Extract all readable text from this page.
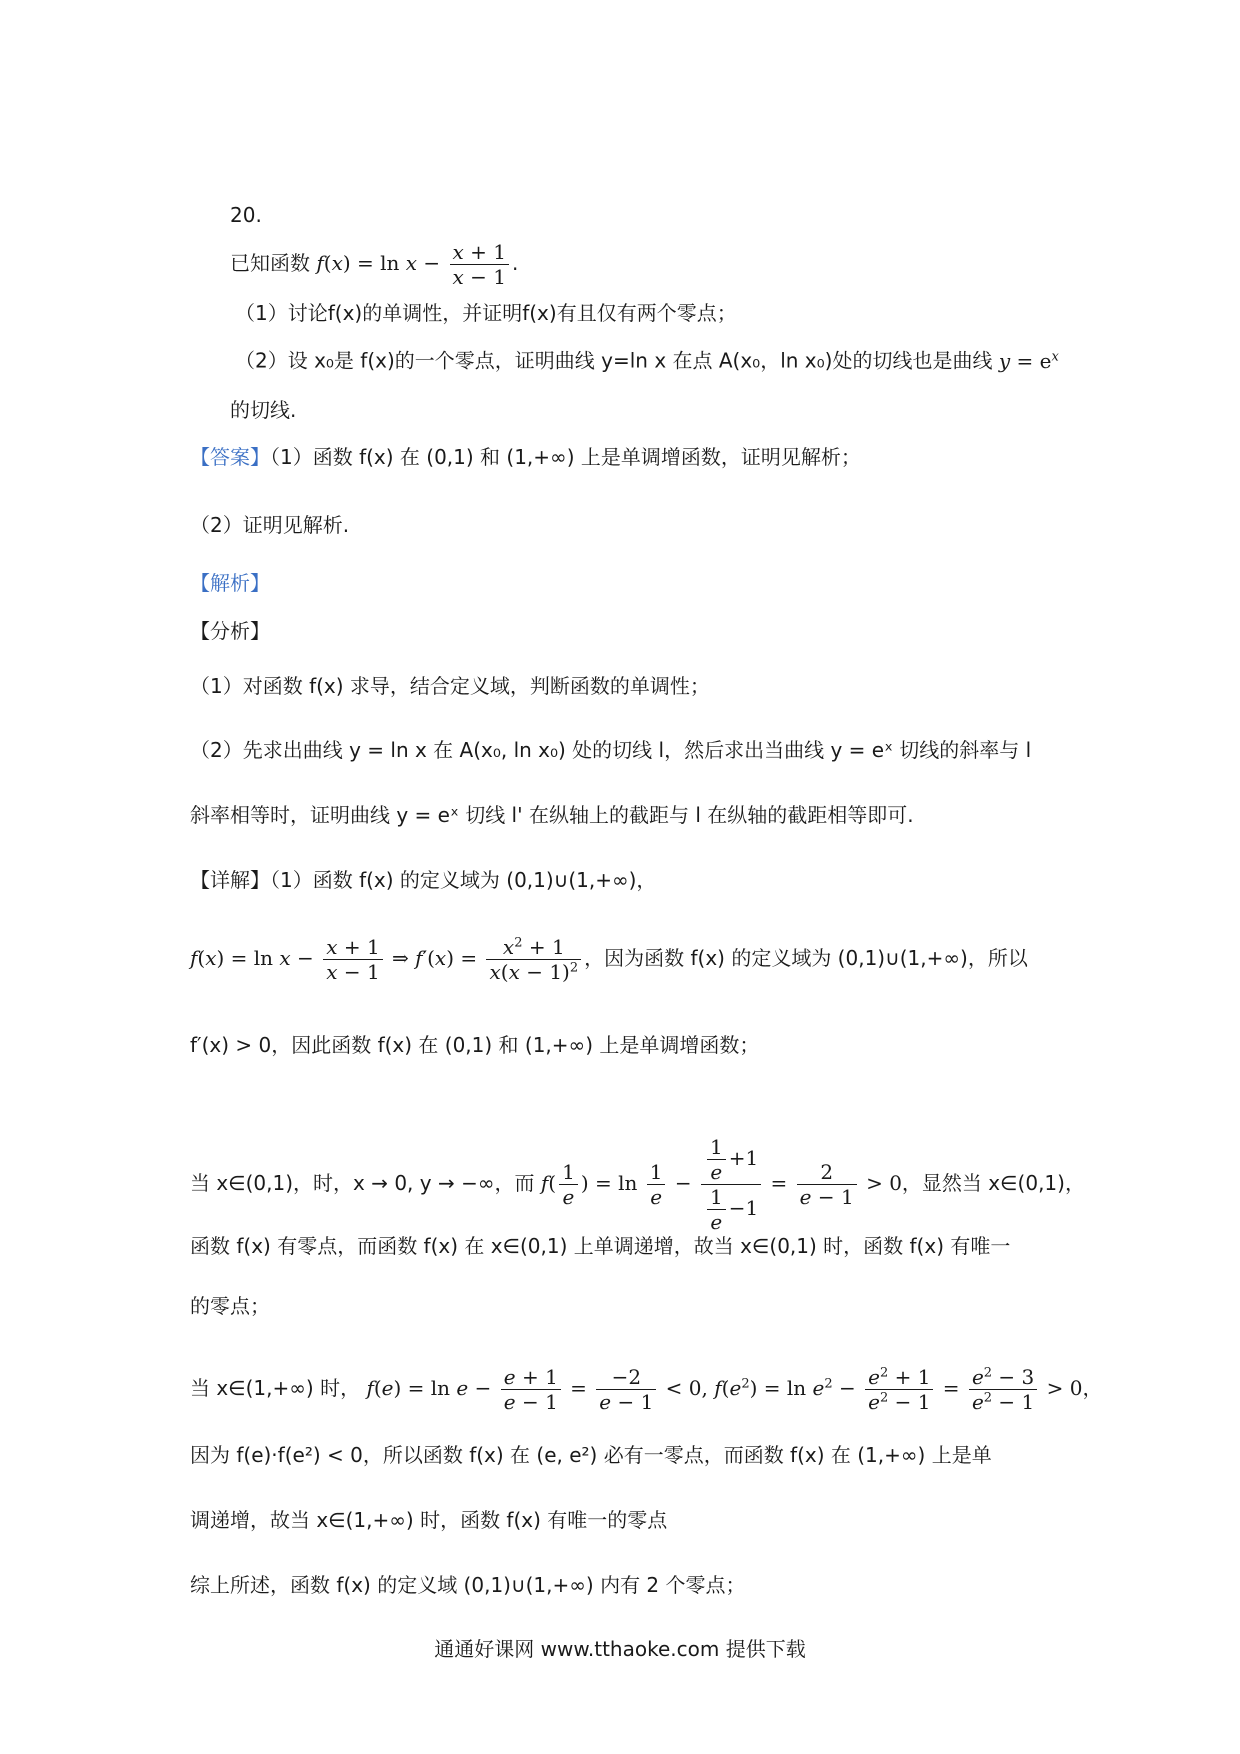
20.
已知函数 $f(x) = \ln x - \frac{x + 1}{x - 1}$ .
（1）讨论f(x)的单调性，并证明f(x)有且仅有两个零点；
（2）设 x₀是 f(x)的一个零点，证明曲线 y=ln x 在点 A(x₀，ln x₀)处的切线也是曲线 $y = e^x$
的切线.
【答案】（1）函数 f(x) 在 (0,1) 和 (1,+∞) 上是单调增函数，证明见解析；
（2）证明见解析.
【解析】
【分析】
（1）对函数 f(x) 求导，结合定义域，判断函数的单调性；
（2）先求出曲线 y = ln x 在 A(x₀, ln x₀) 处的切线 l，然后求出当曲线 y = eˣ 切线的斜率与 l
斜率相等时，证明曲线 y = eˣ 切线 l' 在纵轴上的截距与 l 在纵轴的截距相等即可.
【详解】（1）函数 f(x) 的定义域为 (0,1)∪(1,+∞)，
$f(x) = \ln x - \frac{x + 1}{x - 1}$ ⇒ $f'(x) = \frac{x^2 + 1}{x(x - 1)^2}$ ，因为函数 f(x) 的定义域为 (0,1)∪(1,+∞)，所以
f′(x) > 0，因此函数 f(x) 在 (0,1) 和 (1,+∞) 上是单调增函数；
当 x∈(0,1)，时，x → 0, y → −∞，而 $f( \frac{1}{e}$ ) = $\ln \frac{1}{e} - \frac{\frac{1}{e} +1}{\frac{1}{e} -1} = \frac{2}{e - 1} > 0$，显然当 x∈(0,1)，
函数 f(x) 有零点，而函数 f(x) 在 x∈(0,1) 上单调递增，故当 x∈(0,1) 时，函数 f(x) 有唯一
的零点；
当 x∈(1,+∞) 时， $f(e) = \ln e - \frac{e + 1}{e - 1} = \frac{-2}{e - 1} < 0$, $f(e^2) = \ln e^2 - \frac{e^2 + 1}{e^2 - 1} = \frac{e^2 - 3}{e^2 - 1} > 0$，
因为 f(e)·f(e²) < 0，所以函数 f(x) 在 (e, e²) 必有一零点，而函数 f(x) 在 (1,+∞) 上是单
调递增，故当 x∈(1,+∞) 时，函数 f(x) 有唯一的零点
综上所述，函数 f(x) 的定义域 (0,1)∪(1,+∞) 内有 2 个零点；
通通好课网 www.tthaoke.com 提供下载
